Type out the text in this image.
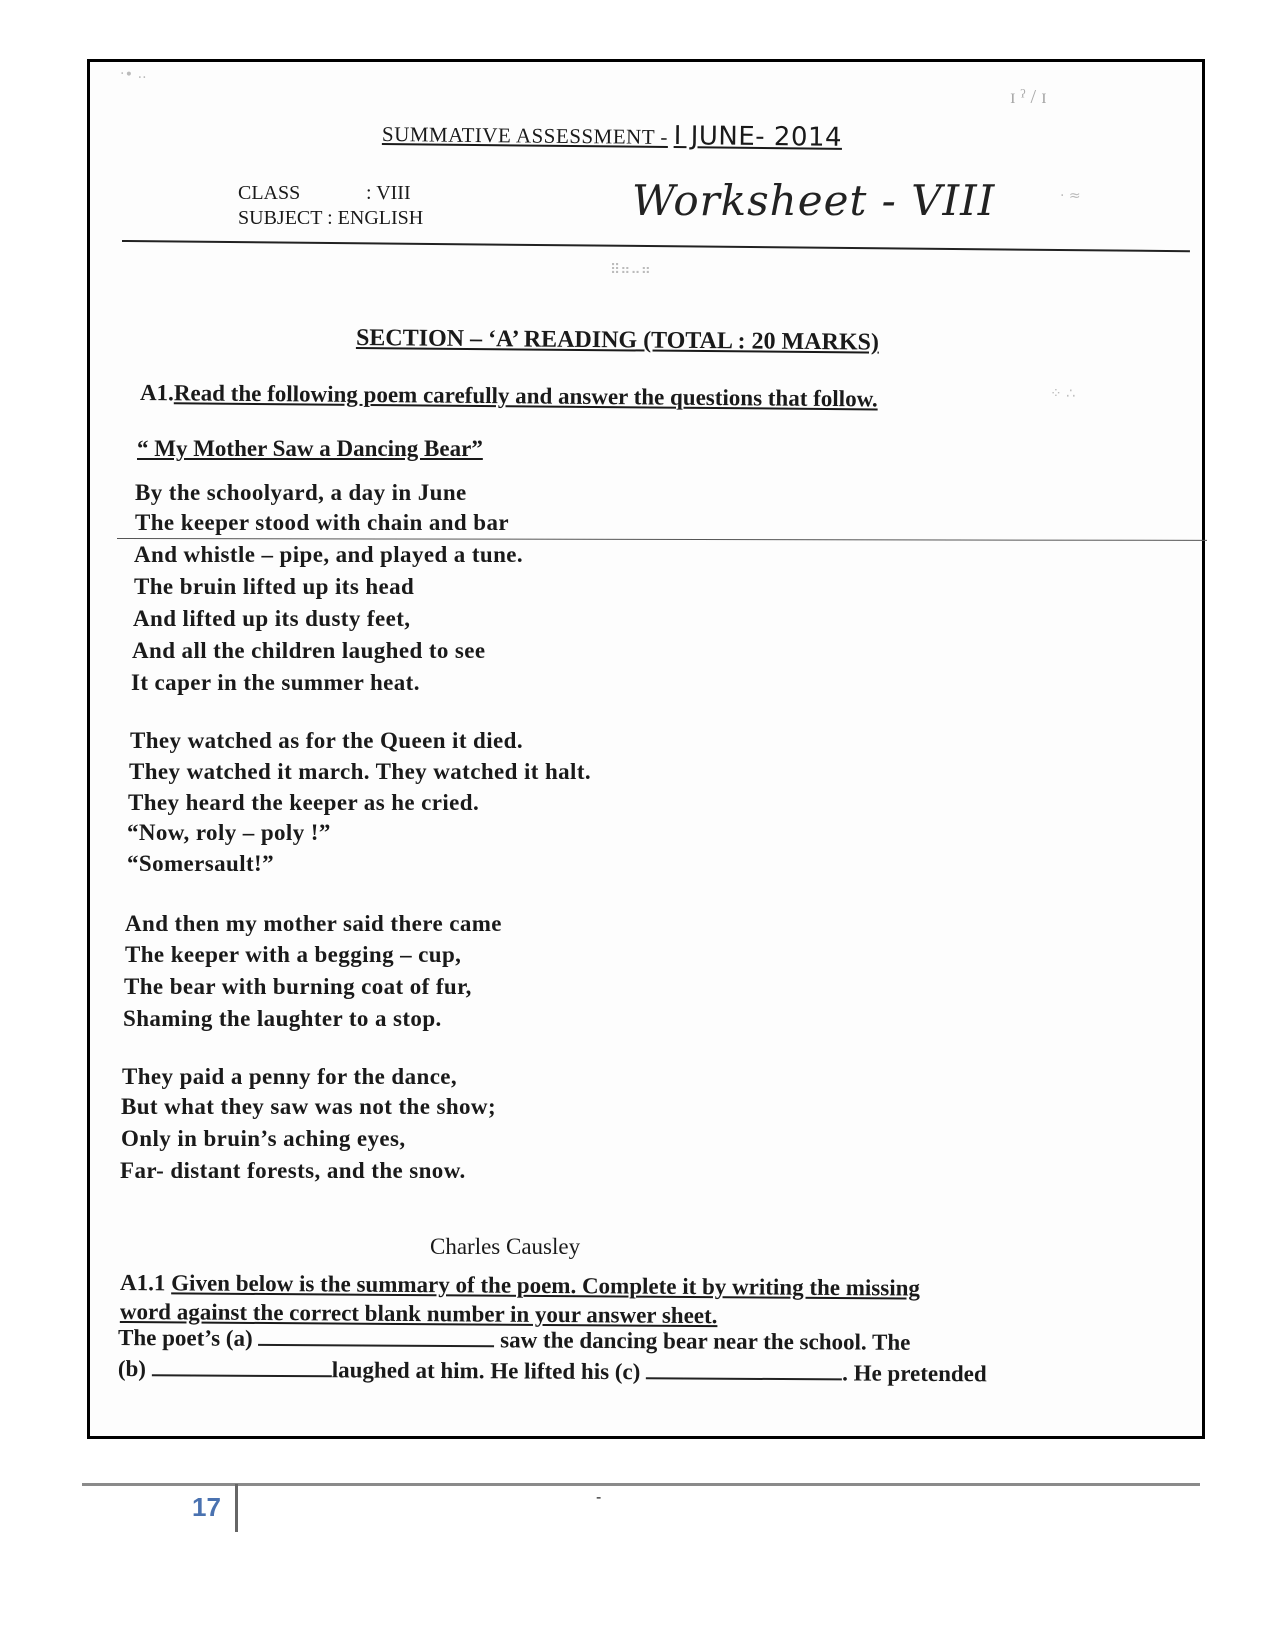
·∙ ..
⠿⠶⠤⠶
· ≈
⁘ ∴
ɪ ˀ / ɪ
SUMMATIVE ASSESSMENT - I JUNE- 2014
CLASS	: VIII
SUBJECT : ENGLISH	Worksheet - VIII
SECTION – ‘A’ READING (TOTAL : 20 MARKS)
A1.Read the following poem carefully and answer the questions that follow.
“ My Mother Saw a Dancing Bear”
By the schoolyard, a day in June
The keeper stood with chain and bar
And whistle – pipe, and played a tune.
The bruin lifted up its head
And lifted up its dusty feet,
And all the children laughed to see
It caper in the summer heat.
They watched as for the Queen it died.
They watched it march. They watched it halt.
They heard the keeper as he cried.
“Now, roly – poly !”
“Somersault!”
And then my mother said there came
The keeper with a begging – cup,
The bear with burning coat of fur,
Shaming the laughter to a stop.
They paid a penny for the dance,
But what they saw was not the show;
Only in bruin’s aching eyes,
Far- distant forests, and the snow.
Charles Causley
A1.1 Given below is the summary of the poem. Complete it by writing the missing
word against the correct blank number in your answer sheet.
The poet’s (a)	saw the dancing bear near the school. The
(b)	laughed at him. He lifted his (c)	. He pretended
17	-
